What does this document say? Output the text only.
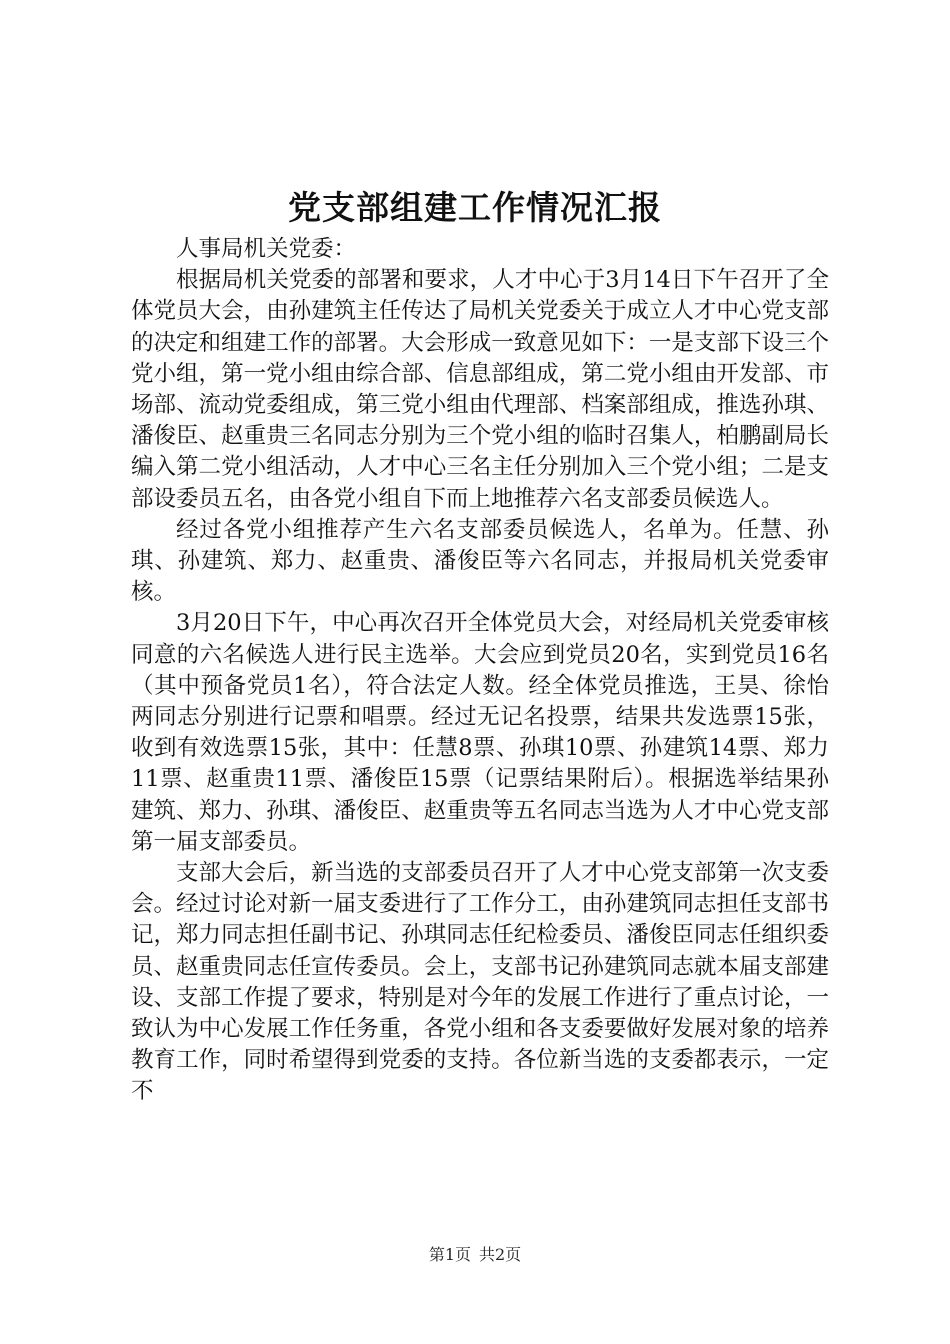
党支部组建工作情况汇报

人事局机关党委：

根据局机关党委的部署和要求，人才中心于3月14日下午召开了全体党员大会，由孙建筑主任传达了局机关党委关于成立人才中心党支部的决定和组建工作的部署。大会形成一致意见如下：一是支部下设三个党小组，第一党小组由综合部、信息部组成，第二党小组由开发部、市场部、流动党委组成，第三党小组由代理部、档案部组成，推选孙琪、潘俊臣、赵重贵三名同志分别为三个党小组的临时召集人，柏鹏副局长编入第二党小组活动，人才中心三名主任分别加入三个党小组；二是支部设委员五名，由各党小组自下而上地推荐六名支部委员候选人。

经过各党小组推荐产生六名支部委员候选人，名单为。任慧、孙琪、孙建筑、郑力、赵重贵、潘俊臣等六名同志，并报局机关党委审核。

3月20日下午，中心再次召开全体党员大会，对经局机关党委审核同意的六名候选人进行民主选举。大会应到党员20名，实到党员16名（其中预备党员1名），符合法定人数。经全体党员推选，王昊、徐怡两同志分别进行记票和唱票。经过无记名投票，结果共发选票15张，收到有效选票15张，其中：任慧8票、孙琪10票、孙建筑14票、郑力11票、赵重贵11票、潘俊臣15票（记票结果附后）。根据选举结果孙建筑、郑力、孙琪、潘俊臣、赵重贵等五名同志当选为人才中心党支部第一届支部委员。

支部大会后，新当选的支部委员召开了人才中心党支部第一次支委会。经过讨论对新一届支委进行了工作分工，由孙建筑同志担任支部书记，郑力同志担任副书记、孙琪同志任纪检委员、潘俊臣同志任组织委员、赵重贵同志任宣传委员。会上，支部书记孙建筑同志就本届支部建设、支部工作提了要求，特别是对今年的发展工作进行了重点讨论，一致认为中心发展工作任务重，各党小组和各支委要做好发展对象的培养教育工作，同时希望得到党委的支持。各位新当选的支委都表示，一定不

第1页 共2页
